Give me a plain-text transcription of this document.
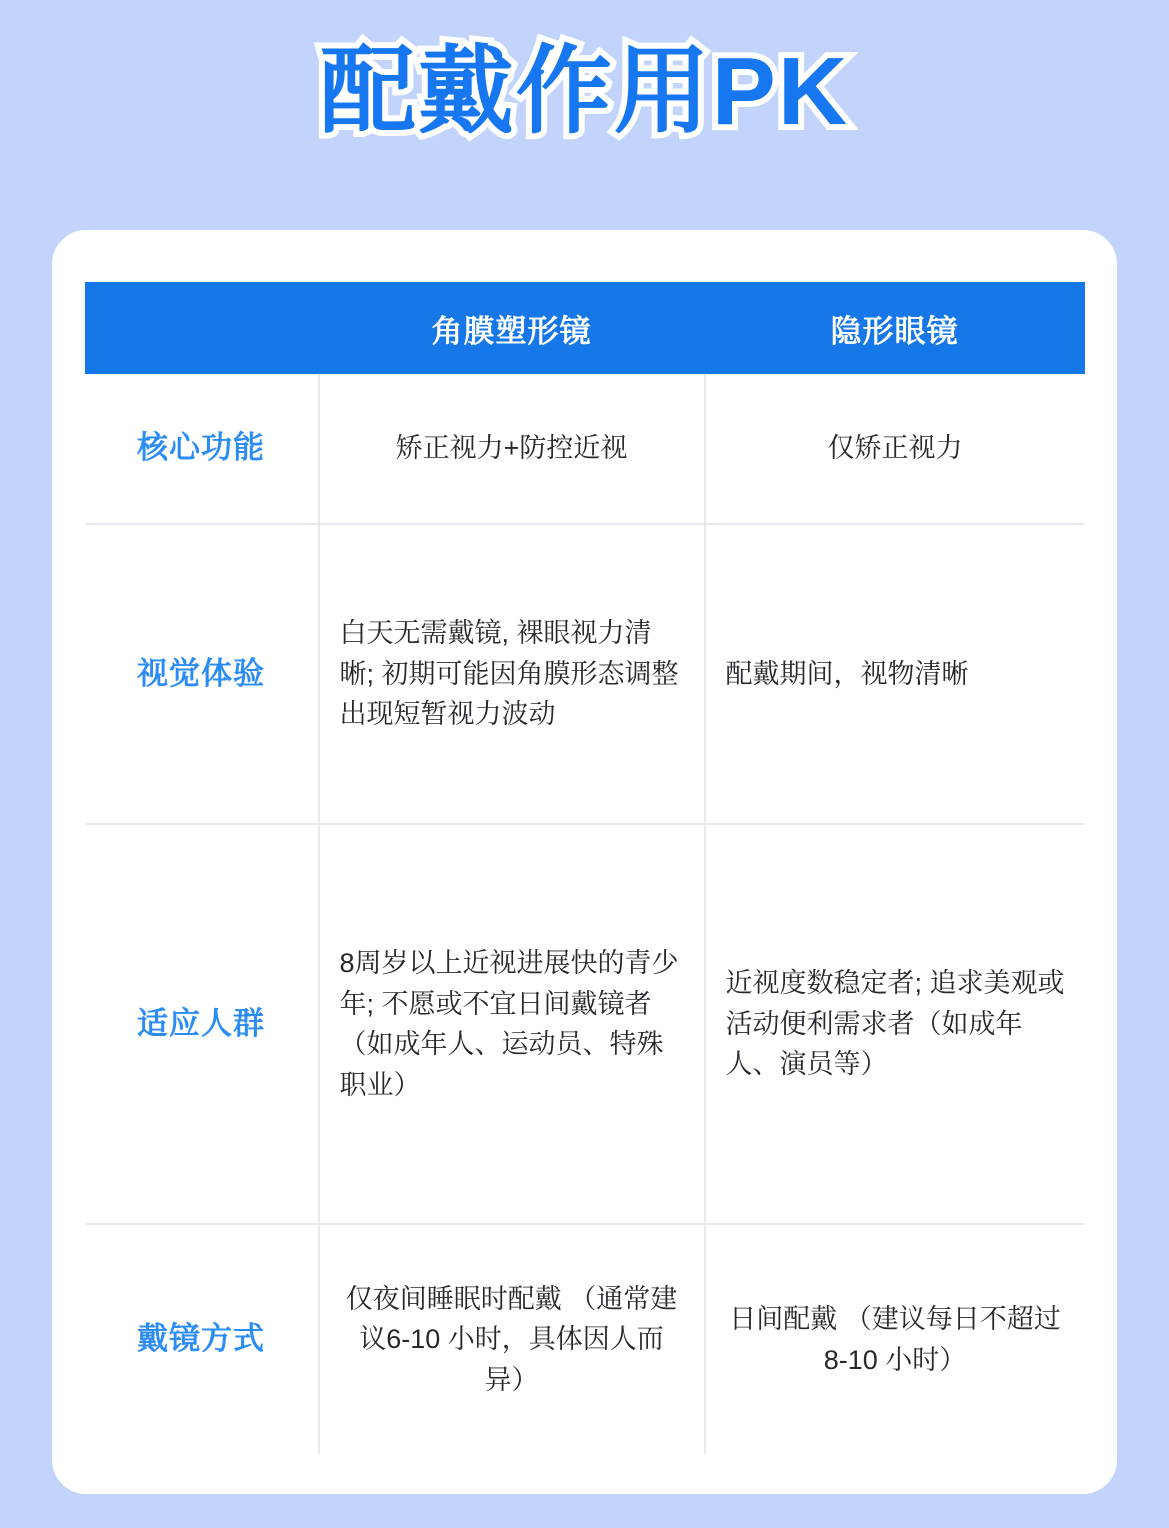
配戴作用PK
	角膜塑形镜	隐形眼镜
核心功能	矫正视力+防控近视	仅矫正视力
视觉体验	白天无需戴镜, 裸眼视力清晰; 初期可能因角膜形态调整出现短暂视力波动	配戴期间，视物清晰
适应人群	8周岁以上近视进展快的青少年; 不愿或不宜日间戴镜者（如成年人、运动员、特殊职业）	近视度数稳定者; 追求美观或活动便利需求者（如成年人、演员等）
戴镜方式	仅夜间睡眠时配戴 （通常建议6-10 小时，具体因人而异）	日间配戴 （建议每日不超过 8-10 小时）
